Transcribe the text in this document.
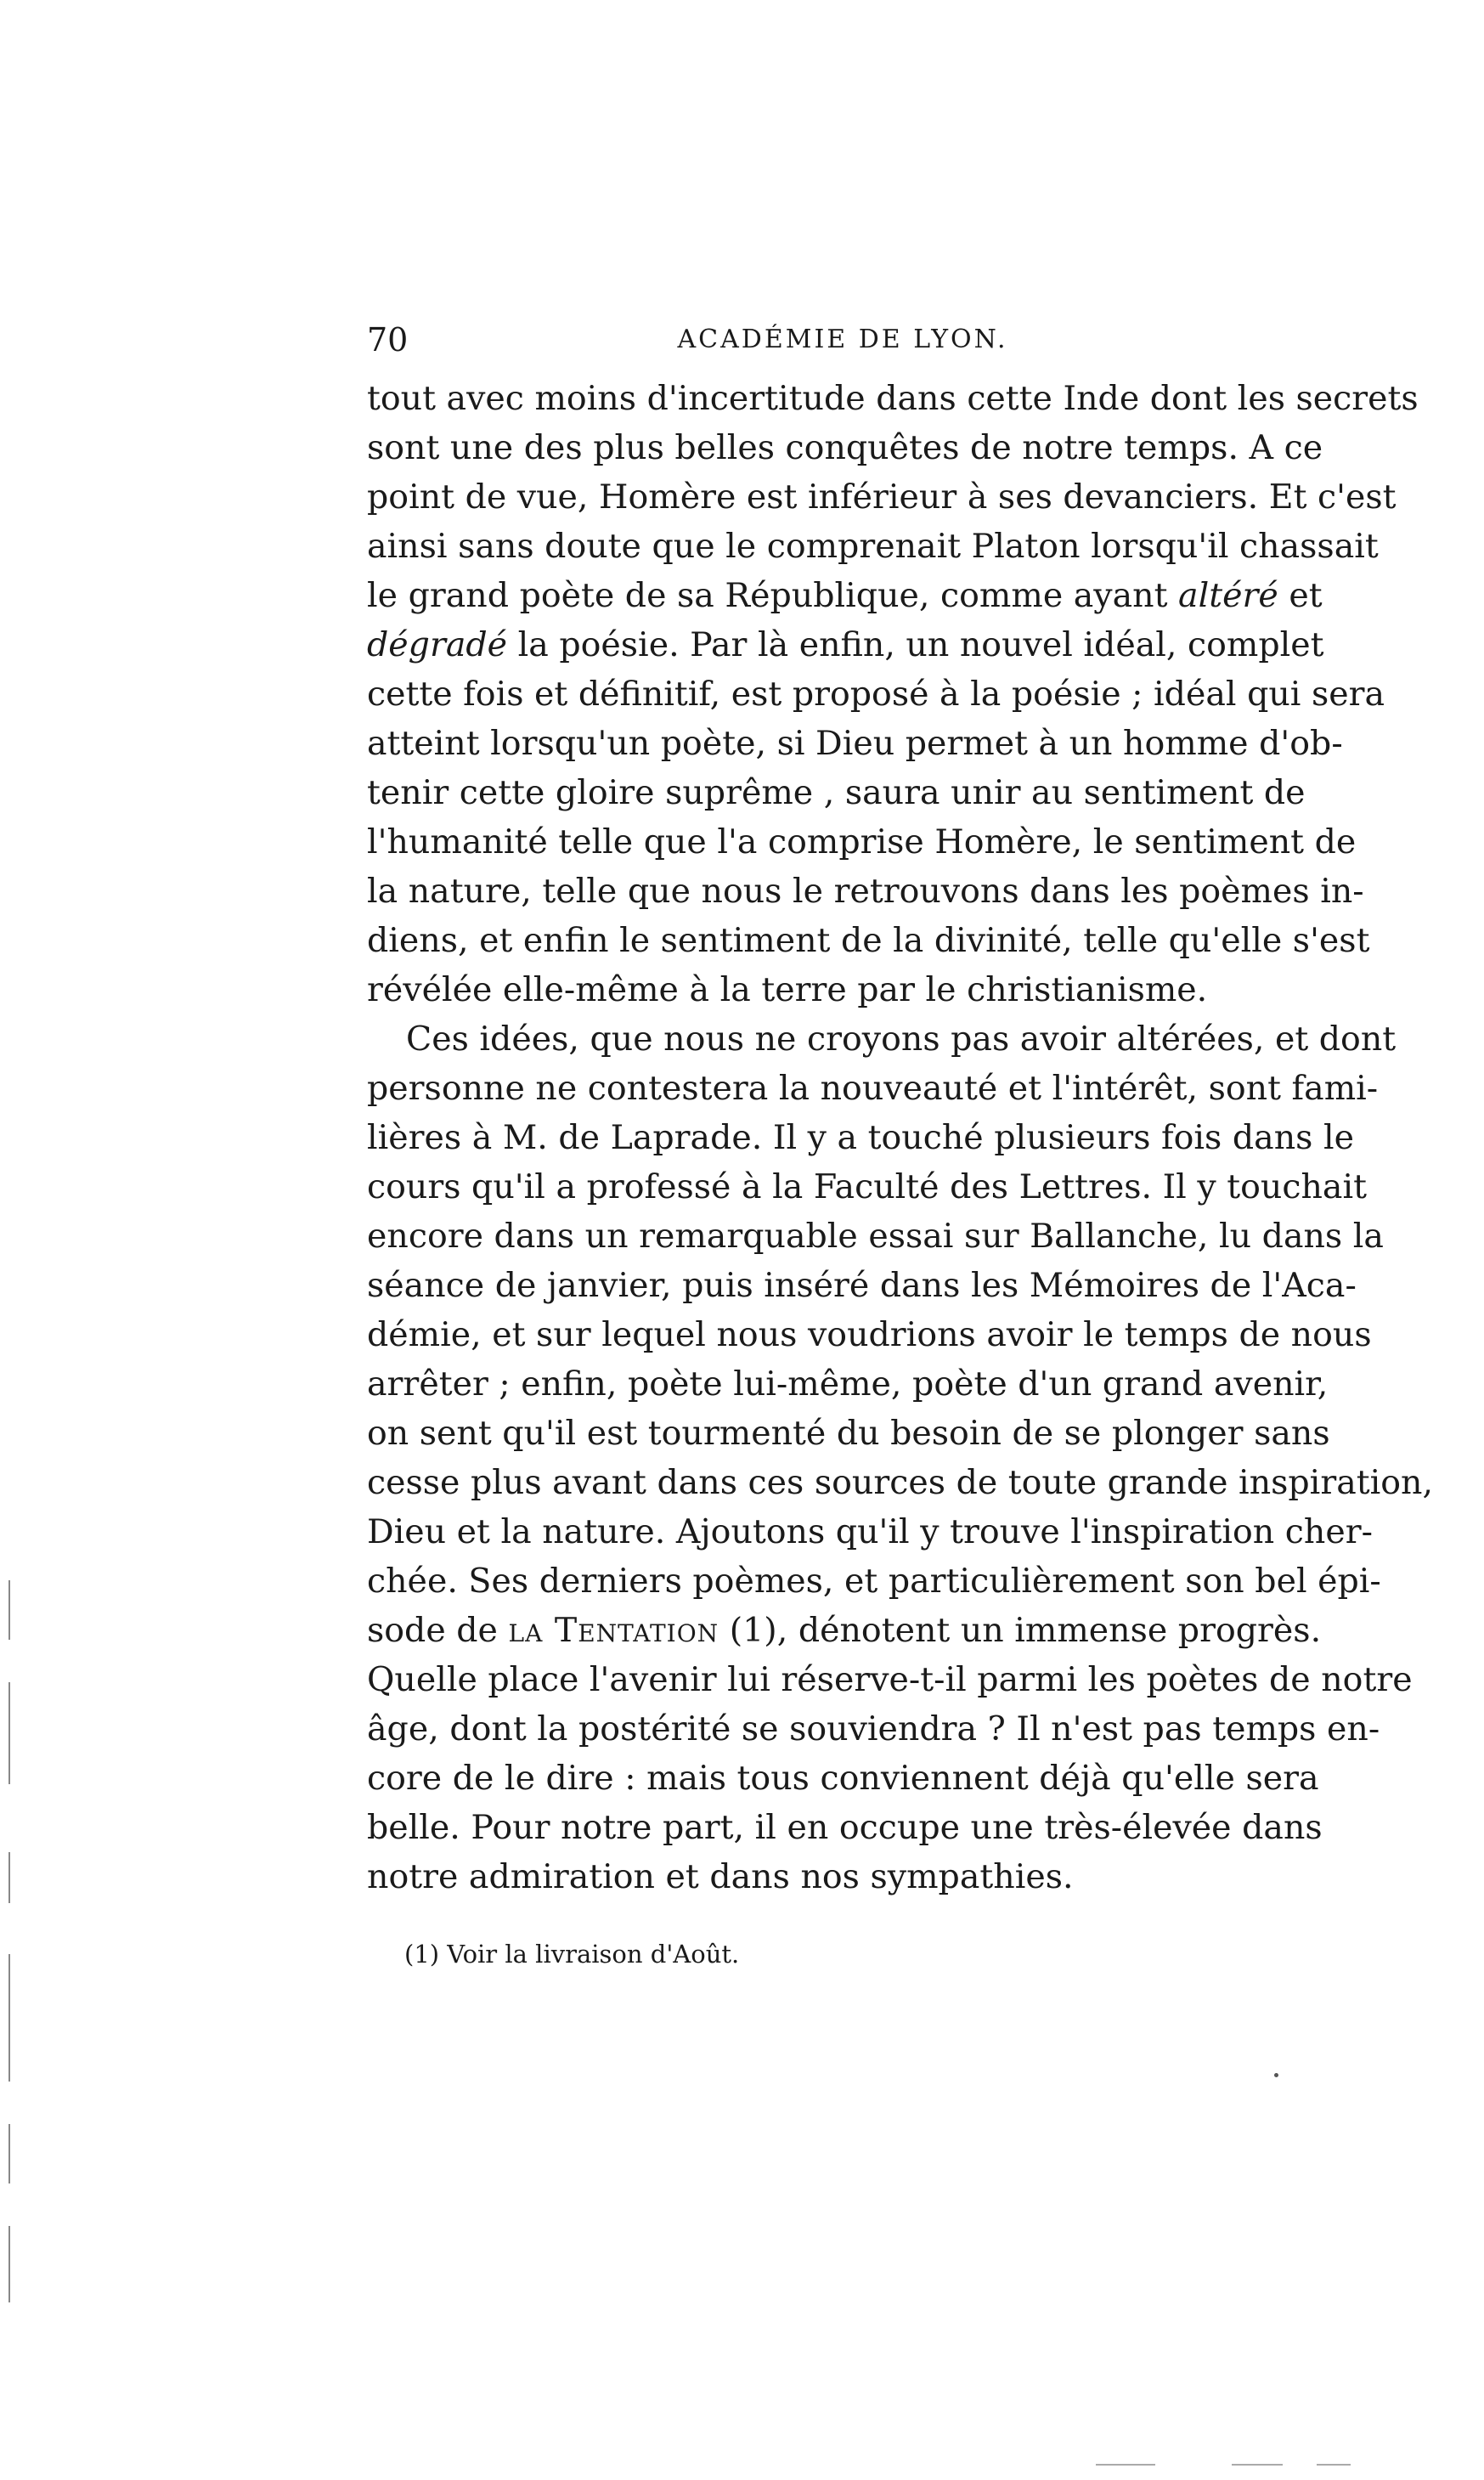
70	ACADÉMIE DE LYON.
tout avec moins d'incertitude dans cette Inde dont les secrets
sont une des plus belles conquêtes de notre temps. A ce
point de vue, Homère est inférieur à ses devanciers. Et c'est
ainsi sans doute que le comprenait Platon lorsqu'il chassait
le grand poète de sa République, comme ayant altéré et
dégradé la poésie. Par là enfin, un nouvel idéal, complet
cette fois et définitif, est proposé à la poésie ; idéal qui sera
atteint lorsqu'un poète, si Dieu permet à un homme d'ob-
tenir cette gloire suprême , saura unir au sentiment de
l'humanité telle que l'a comprise Homère, le sentiment de
la nature, telle que nous le retrouvons dans les poèmes in-
diens, et enfin le sentiment de la divinité, telle qu'elle s'est
révélée elle-même à la terre par le christianisme.
Ces idées, que nous ne croyons pas avoir altérées, et dont
personne ne contestera la nouveauté et l'intérêt, sont fami-
lières à M. de Laprade. Il y a touché plusieurs fois dans le
cours qu'il a professé à la Faculté des Lettres. Il y touchait
encore dans un remarquable essai sur Ballanche, lu dans la
séance de janvier, puis inséré dans les Mémoires de l'Aca-
démie, et sur lequel nous voudrions avoir le temps de nous
arrêter ; enfin, poète lui-même, poète d'un grand avenir,
on sent qu'il est tourmenté du besoin de se plonger sans
cesse plus avant dans ces sources de toute grande inspiration,
Dieu et la nature. Ajoutons qu'il y trouve l'inspiration cher-
chée. Ses derniers poèmes, et particulièrement son bel épi-
sode de la Tentation (1), dénotent un immense progrès.
Quelle place l'avenir lui réserve-t-il parmi les poètes de notre
âge, dont la postérité se souviendra ? Il n'est pas temps en-
core de le dire : mais tous conviennent déjà qu'elle sera
belle. Pour notre part, il en occupe une très-élevée dans
notre admiration et dans nos sympathies.
(1) Voir la livraison d'Août.
